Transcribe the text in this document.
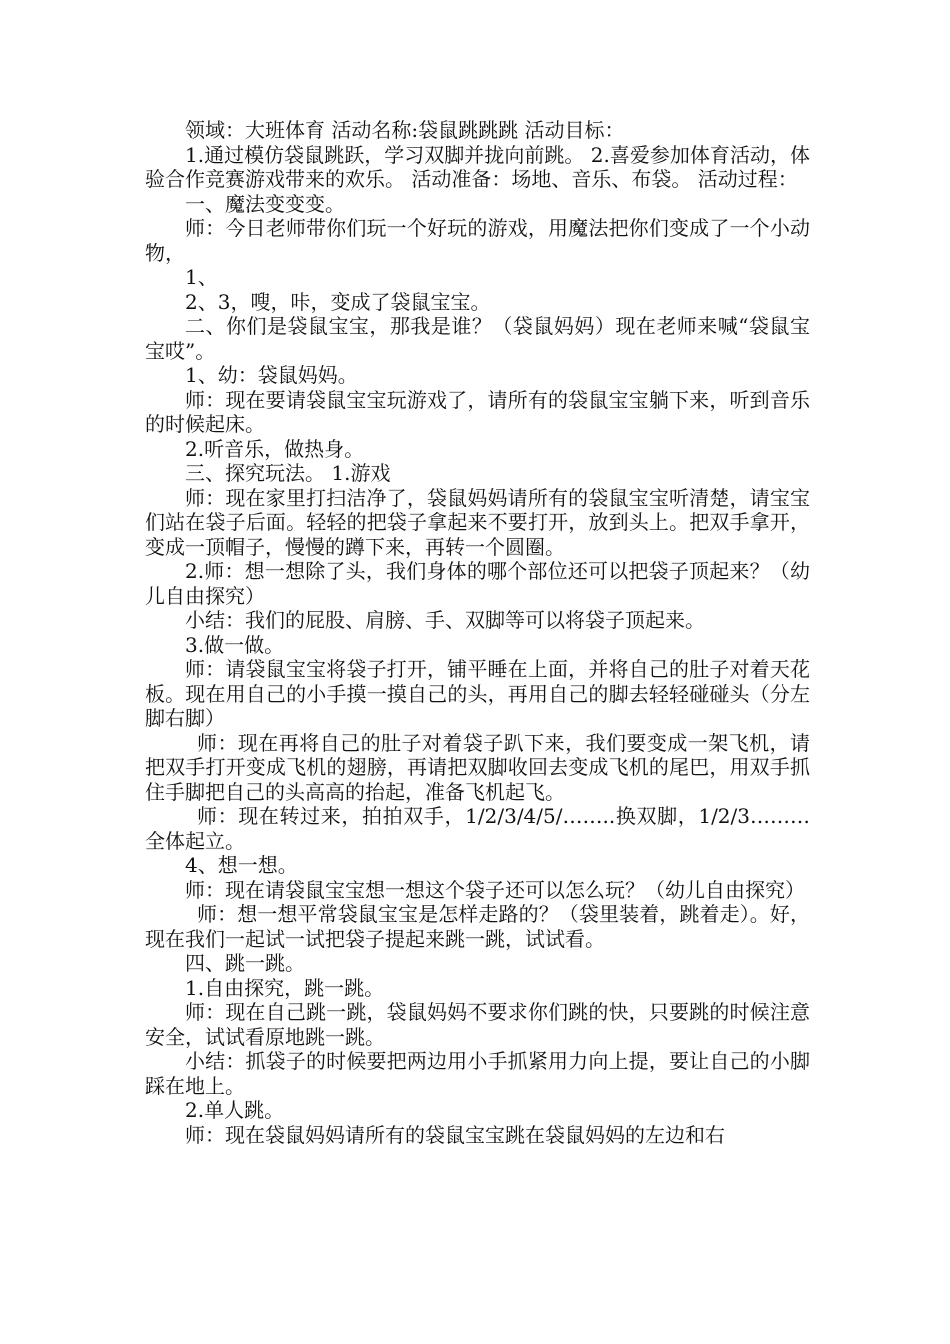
领域：大班体育 活动名称:袋鼠跳跳跳 活动目标：

1.通过模仿袋鼠跳跃，学习双脚并拢向前跳。 2.喜爱参加体育活动，体验合作竞赛游戏带来的欢乐。 活动准备：场地、音乐、布袋。 活动过程：

一、魔法变变变。

师：今日老师带你们玩一个好玩的游戏，用魔法把你们变成了一个小动物，

1、

2、3，嗖，咔，变成了袋鼠宝宝。

二、你们是袋鼠宝宝，那我是谁？（袋鼠妈妈）现在老师来喊“袋鼠宝宝哎”。

1、幼：袋鼠妈妈。

师：现在要请袋鼠宝宝玩游戏了，请所有的袋鼠宝宝躺下来，听到音乐的时候起床。

2.听音乐，做热身。

三、探究玩法。 1.游戏

师：现在家里打扫洁净了，袋鼠妈妈请所有的袋鼠宝宝听清楚，请宝宝们站在袋子后面。轻轻的把袋子拿起来不要打开，放到头上。把双手拿开，变成一顶帽子，慢慢的蹲下来，再转一个圆圈。

2.师：想一想除了头，我们身体的哪个部位还可以把袋子顶起来？（幼儿自由探究）

小结：我们的屁股、肩膀、手、双脚等可以将袋子顶起来。

3.做一做。

师：请袋鼠宝宝将袋子打开，铺平睡在上面，并将自己的肚子对着天花板。现在用自己的小手摸一摸自己的头，再用自己的脚去轻轻碰碰头（分左脚右脚）

师：现在再将自己的肚子对着袋子趴下来，我们要变成一架飞机，请把双手打开变成飞机的翅膀，再请把双脚收回去变成飞机的尾巴，用双手抓住手脚把自己的头高高的抬起，准备飞机起飞。

师：现在转过来，拍拍双手，1/2/3/4/5/……..换双脚，1/2/3………全体起立。

4、想一想。

师：现在请袋鼠宝宝想一想这个袋子还可以怎么玩？（幼儿自由探究）

师：想一想平常袋鼠宝宝是怎样走路的？（袋里装着，跳着走）。好，现在我们一起试一试把袋子提起来跳一跳，试试看。

四、跳一跳。

1.自由探究，跳一跳。

师：现在自己跳一跳，袋鼠妈妈不要求你们跳的快，只要跳的时候注意安全，试试看原地跳一跳。

小结：抓袋子的时候要把两边用小手抓紧用力向上提，要让自己的小脚踩在地上。

2.单人跳。

师：现在袋鼠妈妈请所有的袋鼠宝宝跳在袋鼠妈妈的左边和右
